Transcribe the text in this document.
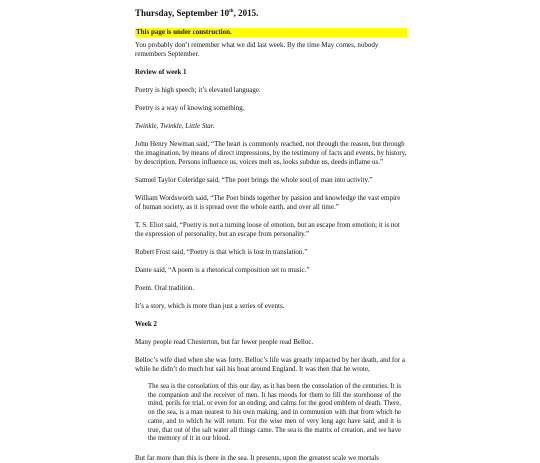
Thursday, September 10th, 2015.
This page is under construction.

You probably don’t remember what we did last week. By the time May comes, nobody remembers September.

Review of week 1

Poetry is high speech; it’s elevated language.

Poetry is a way of knowing something.

Twinkle, Twinkle, Little Star.

John Henry Newman said, “The heart is commonly reached, not through the reason, but through the imagination, by means of direct impressions, by the testimony of facts and events, by history, by description. Persons influence us, voices melt us, looks subdue us, deeds inflame us.”

Samuel Taylor Coleridge said, “The poet brings the whole soul of man into activity.”

William Wordsworth said, “The Poet binds together by passion and knowledge the vast empire of human society, as it is spread over the whole earth, and over all time.”

T. S. Eliot said, “Poetry is not a turning loose of emotion, but an escape from emotion; it is not the expression of personality, but an escape from personality.”

Robert Frost said, “Poetry is that which is lost in translation.”

Dante said, “A poem is a rhetorical composition set to music.”

Poem. Oral tradition.

It’s a story, which is more than just a series of events.

Week 2

Many people read Chesterton, but far fewer people read Belloc.

Belloc’s wife died when she was forty. Belloc’s life was greatly impacted by her death, and for a while he didn’t do much but sail his boat around England. It was then that he wrote,

The sea is the consolation of this our day, as it has been the consolation of the centuries. It is the companion and the receiver of men. It has moods for them to fill the storehouse of the mind, perils for trial, or even for an ending, and calms for the good emblem of death. There, on the sea, is a man nearest to his own making, and in communion with that from which he came, and to which he will return. For the wise men of very long ago have said, and it is true, that out of the salt water all things came. The sea is the matrix of creation, and we have the memory of it in our blood.

But far more than this is there in the sea. It presents, upon the greatest scale we mortals
